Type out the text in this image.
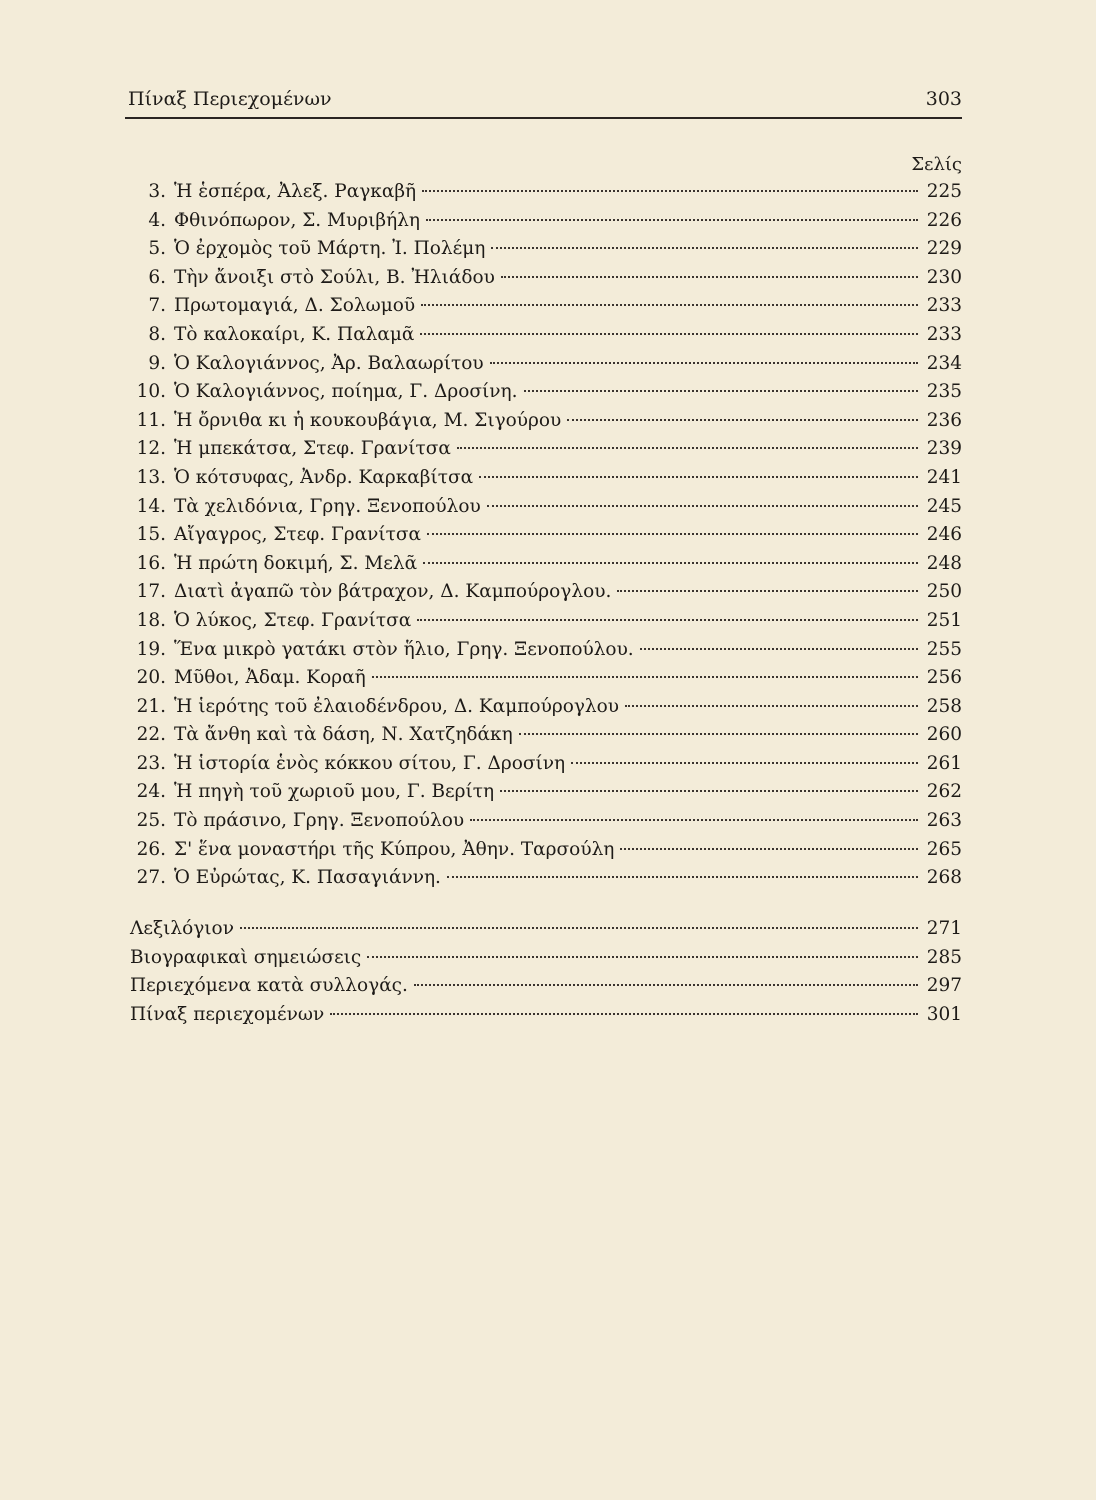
Πίναξ Περιεχομένων	303
Σελίς
3. Ἡ ἑσπέρα, Ἀλεξ. Ραγκαβῆ	225
4. Φθινόπωρον, Σ. Μυριβήλη	226
5. Ὁ ἐρχομὸς τοῦ Μάρτη. Ἰ. Πολέμη	229
6. Τὴν ἄνοιξι στὸ Σούλι, Β. Ἠλιάδου	230
7. Πρωτομαγιά, Δ. Σολωμοῦ	233
8. Τὸ καλοκαίρι, Κ. Παλαμᾶ	233
9. Ὁ Καλογιάννος, Ἀρ. Βαλαωρίτου	234
10. Ὁ Καλογιάννος, ποίημα, Γ. Δροσίνη.	235
11. Ἡ ὄρνιθα κι ἡ κουκουβάγια, Μ. Σιγούρου	236
12. Ἡ μπεκάτσα, Στεφ. Γρανίτσα	239
13. Ὁ κότσυφας, Ἀνδρ. Καρκαβίτσα	241
14. Τὰ χελιδόνια, Γρηγ. Ξενοπούλου	245
15. Αἴγαγρος, Στεφ. Γρανίτσα	246
16. Ἡ πρώτη δοκιμή, Σ. Μελᾶ	248
17. Διατὶ ἀγαπῶ τὸν βάτραχον, Δ. Καμπούρογλου.	250
18. Ὁ λύκος, Στεφ. Γρανίτσα	251
19. Ἕνα μικρὸ γατάκι στὸν ἥλιο, Γρηγ. Ξενοπούλου.	255
20. Μῦθοι, Ἀδαμ. Κοραῆ	256
21. Ἡ ἱερότης τοῦ ἐλαιοδένδρου, Δ. Καμπούρογλου	258
22. Τὰ ἄνθη καὶ τὰ δάση, Ν. Χατζηδάκη	260
23. Ἡ ἱστορία ἑνὸς κόκκου σίτου, Γ. Δροσίνη	261
24. Ἡ πηγὴ τοῦ χωριοῦ μου, Γ. Βερίτη	262
25. Τὸ πράσινο, Γρηγ. Ξενοπούλου	263
26. Σ' ἕνα μοναστήρι τῆς Κύπρου, Ἀθην. Ταρσούλη	265
27. Ὁ Εὐρώτας, Κ. Πασαγιάννη.	268
Λεξιλόγιον	271
Βιογραφικαὶ σημειώσεις	285
Περιεχόμενα κατὰ συλλογάς.	297
Πίναξ περιεχομένων	301
